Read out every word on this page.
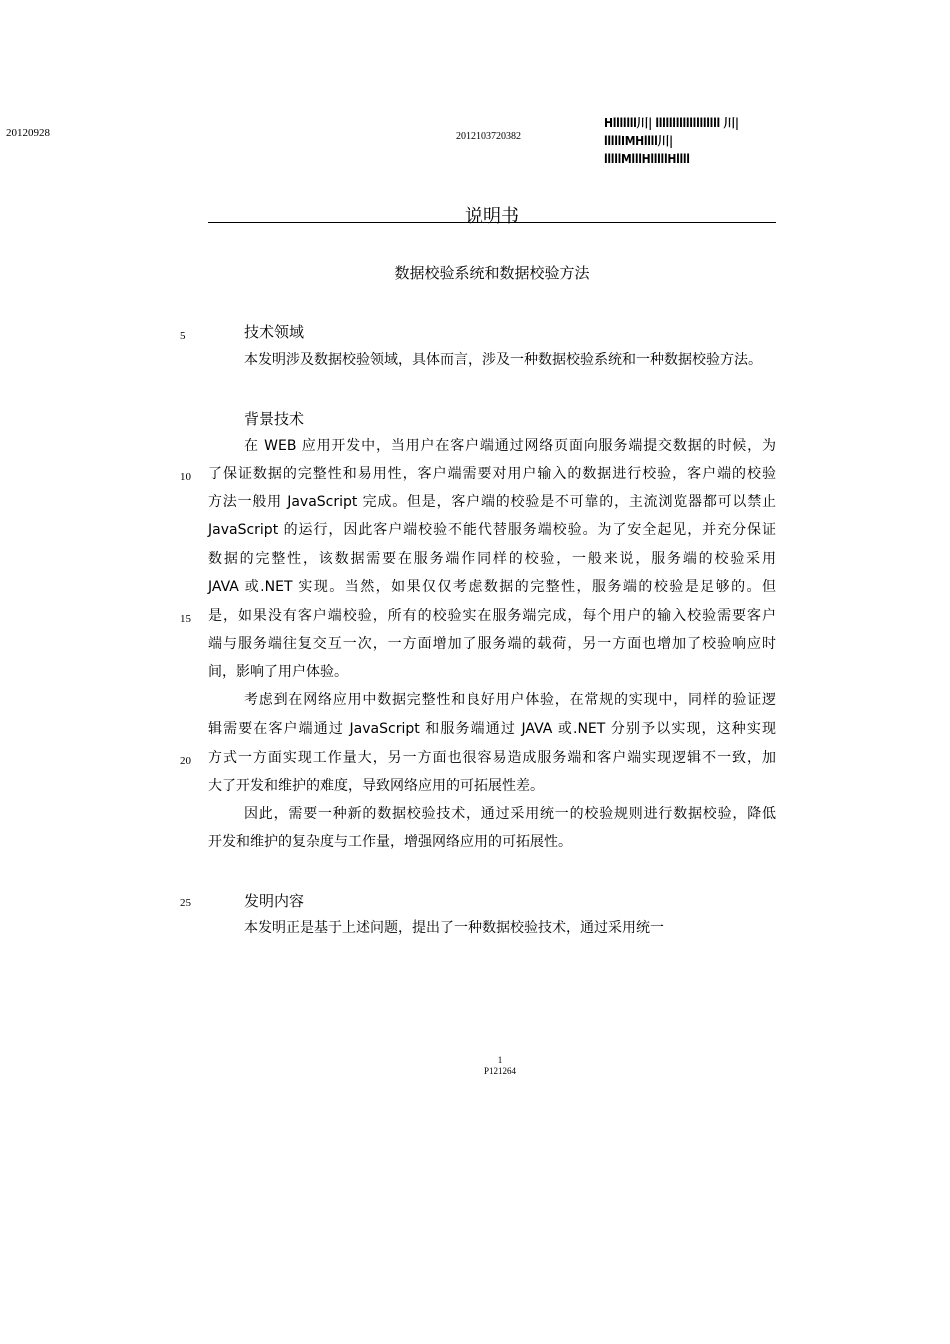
20120928	2012103720382
Hlllllll川| lllllllllllllllllll 川|
lllllIMHllll川|
lllllMlllHlllllHllll
说明书
数据校验系统和数据校验方法
5	技术领域
本发明涉及数据校验领域，具体而言，涉及一种数据校验系统和一种数据校验方法。
背景技术
在 WEB 应用开发中，当用户在客户端通过网络页面向服务端提交数据的时候，为
10 了保证数据的完整性和易用性，客户端需要对用户输入的数据进行校验，客户端的校验
方法一般用 JavaScript 完成。但是，客户端的校验是不可靠的，主流浏览器都可以禁止
JavaScript 的运行，因此客户端校验不能代替服务端校验。为了安全起见，并充分保证
数据的完整性，该数据需要在服务端作同样的校验，一般来说，服务端的校验采用
JAVA 或.NET 实现。当然，如果仅仅考虑数据的完整性，服务端的校验是足够的。但
15 是，如果没有客户端校验，所有的校验实在服务端完成，每个用户的输入校验需要客户
端与服务端往复交互一次，一方面增加了服务端的载荷，另一方面也增加了校验响应时
间，影响了用户体验。
考虑到在网络应用中数据完整性和良好用户体验，在常规的实现中，同样的验证逻
辑需要在客户端通过 JavaScript 和服务端通过 JAVA 或.NET 分别予以实现，这种实现
20 方式一方面实现工作量大，另一方面也很容易造成服务端和客户端实现逻辑不一致，加
大了开发和维护的难度，导致网络应用的可拓展性差。
因此，需要一种新的数据校验技术，通过采用统一的校验规则进行数据校验，降低
开发和维护的复杂度与工作量，增强网络应用的可拓展性。
25	发明内容
本发明正是基于上述问题，提出了一种数据校验技术，通过采用统一
1
P121264
